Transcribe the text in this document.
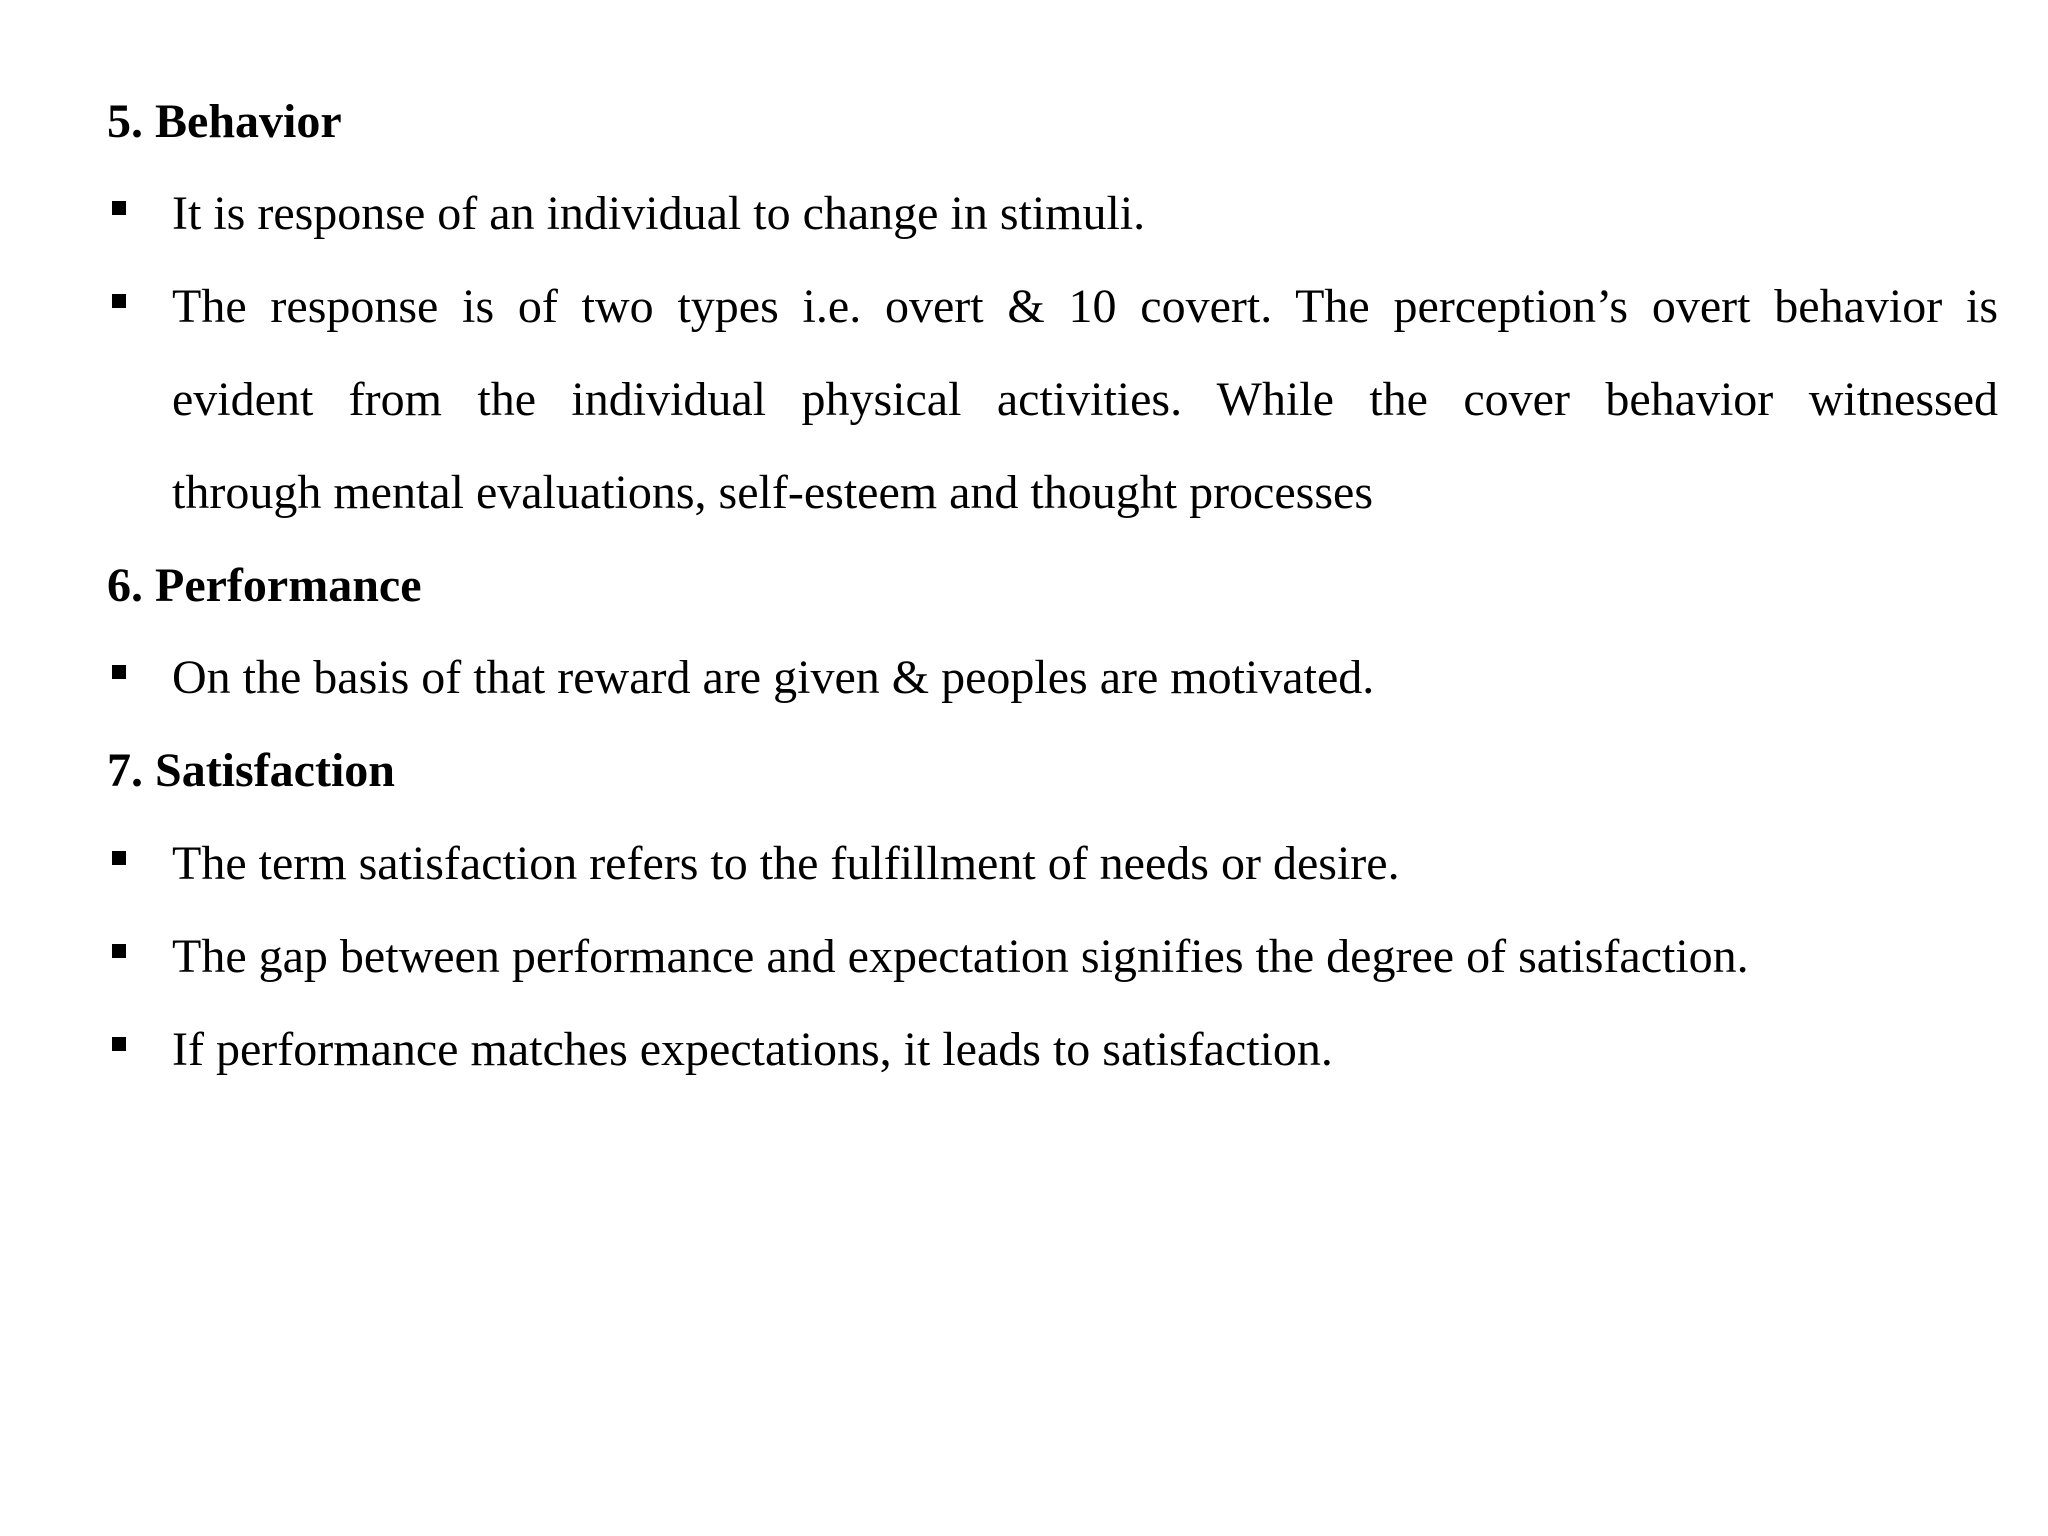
5. Behavior
It is response of an individual to change in stimuli.
The response is of two types i.e. overt & 10 covert. The perception’s overt behavior is
evident from the individual physical activities. While the cover behavior witnessed
through mental evaluations, self-esteem and thought processes
6. Performance
On the basis of that reward are given & peoples are motivated.
7. Satisfaction
The term satisfaction refers to the fulfillment of needs or desire.
The gap between performance and expectation signifies the degree of satisfaction.
If performance matches expectations, it leads to satisfaction.
